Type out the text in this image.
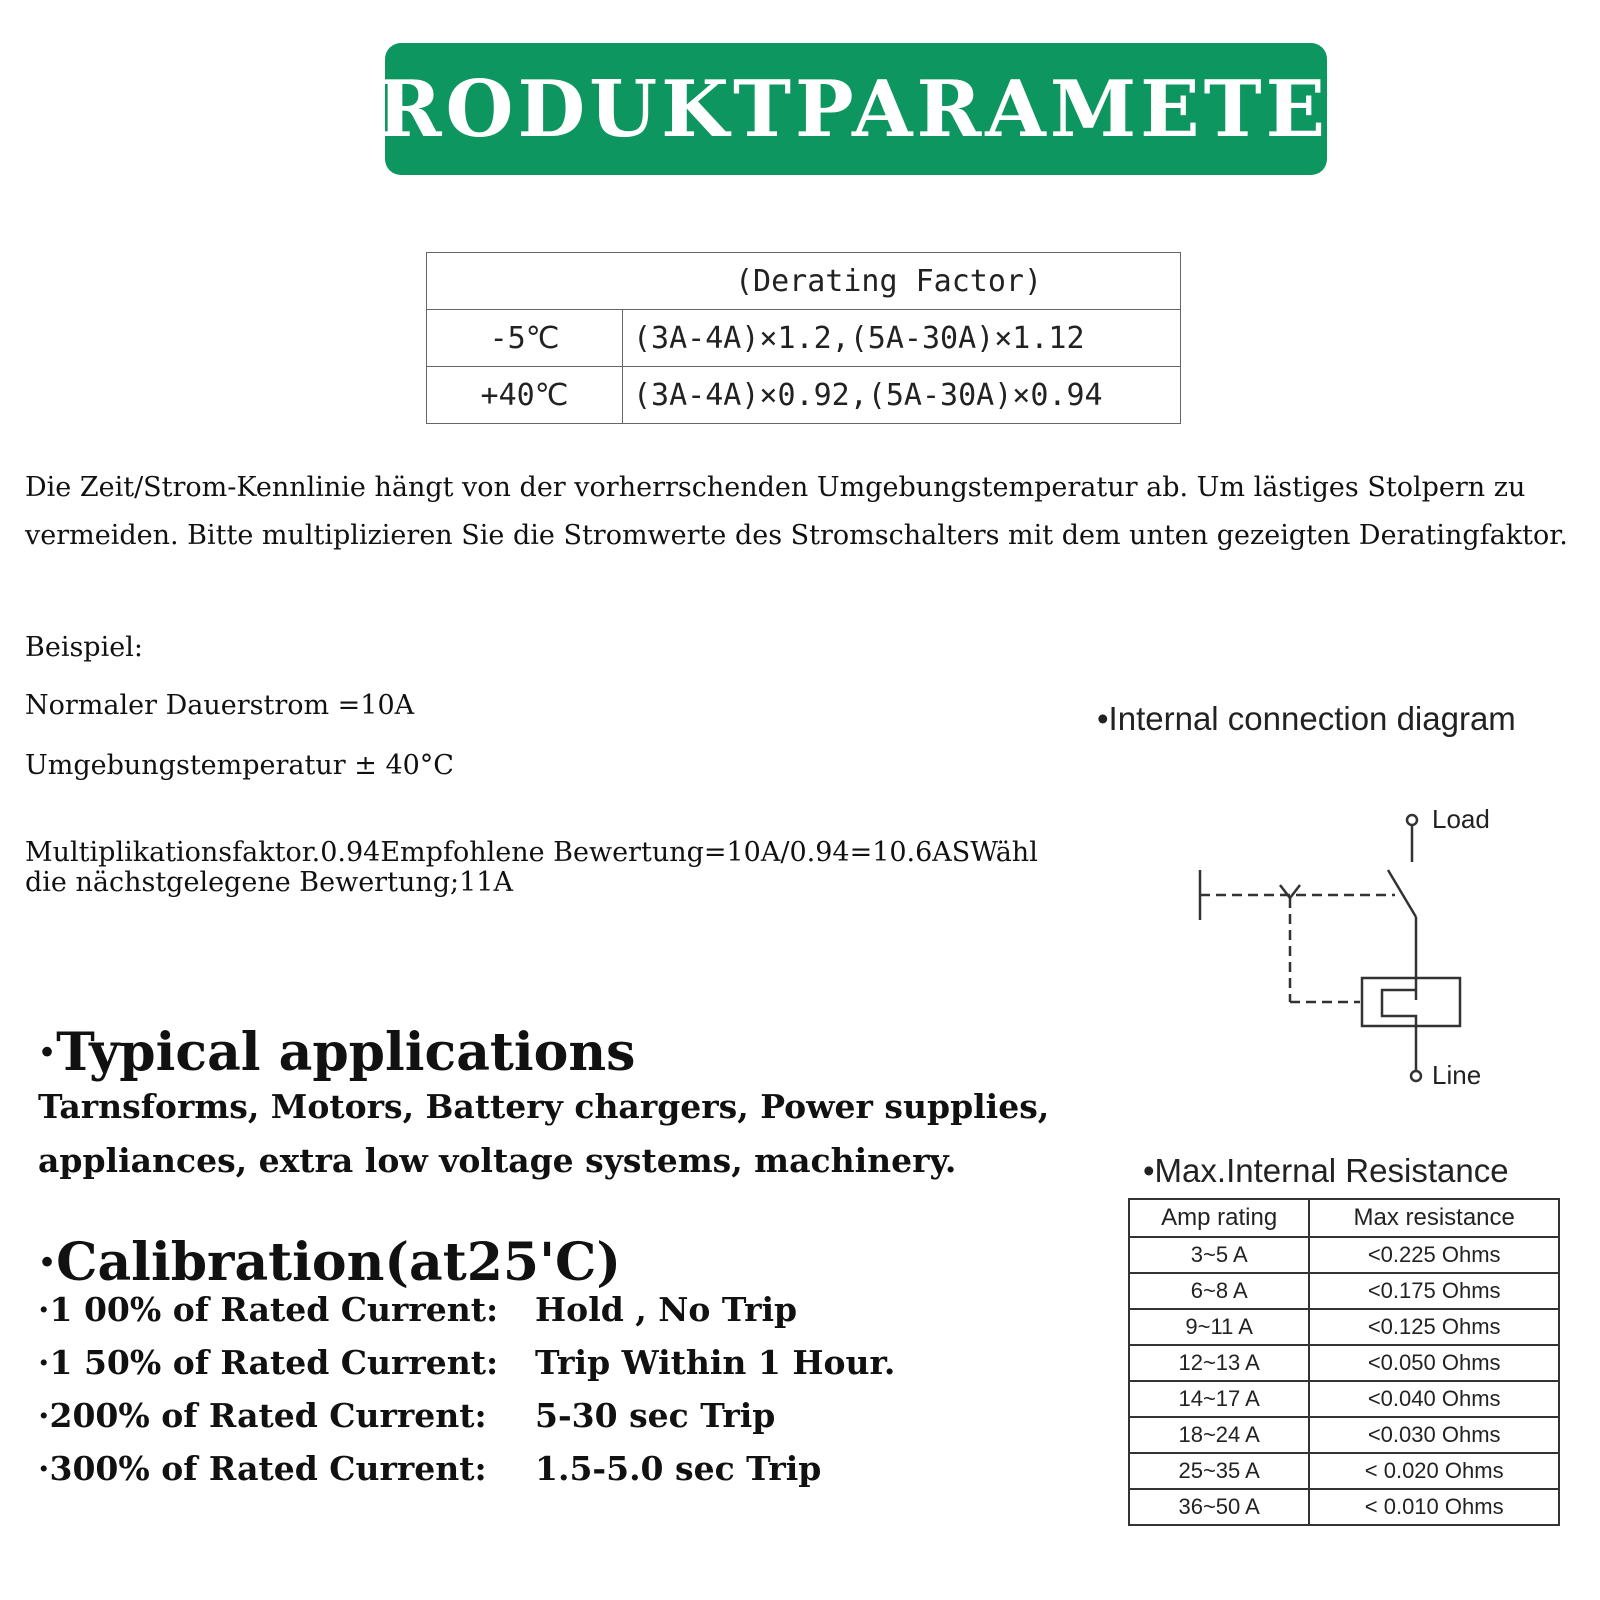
PRODUKTPARAMETER
(Derating Factor)	
-5℃	(3A-4A)×1.2,(5A-30A)×1.12
+40℃	(3A-4A)×0.92,(5A-30A)×0.94
Die Zeit/Strom-Kennlinie hängt von der vorherrschenden Umgebungstemperatur ab. Um lästiges Stolpern zu vermeiden. Bitte multiplizieren Sie die Stromwerte des Stromschalters mit dem unten gezeigten Deratingfaktor.
Beispiel:
Normaler Dauerstrom =10A
Umgebungstemperatur ± 40°C
Multiplikationsfaktor.0.94Empfohlene Bewertung=10A/0.94=10.6ASWähl
die nächstgelegene Bewertung;11A
·Typical applications
Tarnsforms, Motors, Battery chargers, Power supplies, appliances, extra low voltage systems, machinery.
·Calibration(at25'C)
·1 00% of Rated Current: Hold , No Trip
·1 50% of Rated Current: Trip Within 1 Hour.
·200% of Rated Current: 5-30 sec Trip
·300% of Rated Current: 1.5-5.0 sec Trip
•Internal connection diagram
Load
Line
•Max.Internal Resistance
Amp rating	Max resistance
3~5 A	<0.225 Ohms
6~8 A	<0.175 Ohms
9~11 A	<0.125 Ohms
12~13 A	<0.050 Ohms
14~17 A	<0.040 Ohms
18~24 A	<0.030 Ohms
25~35 A	< 0.020 Ohms
36~50 A	< 0.010 Ohms
